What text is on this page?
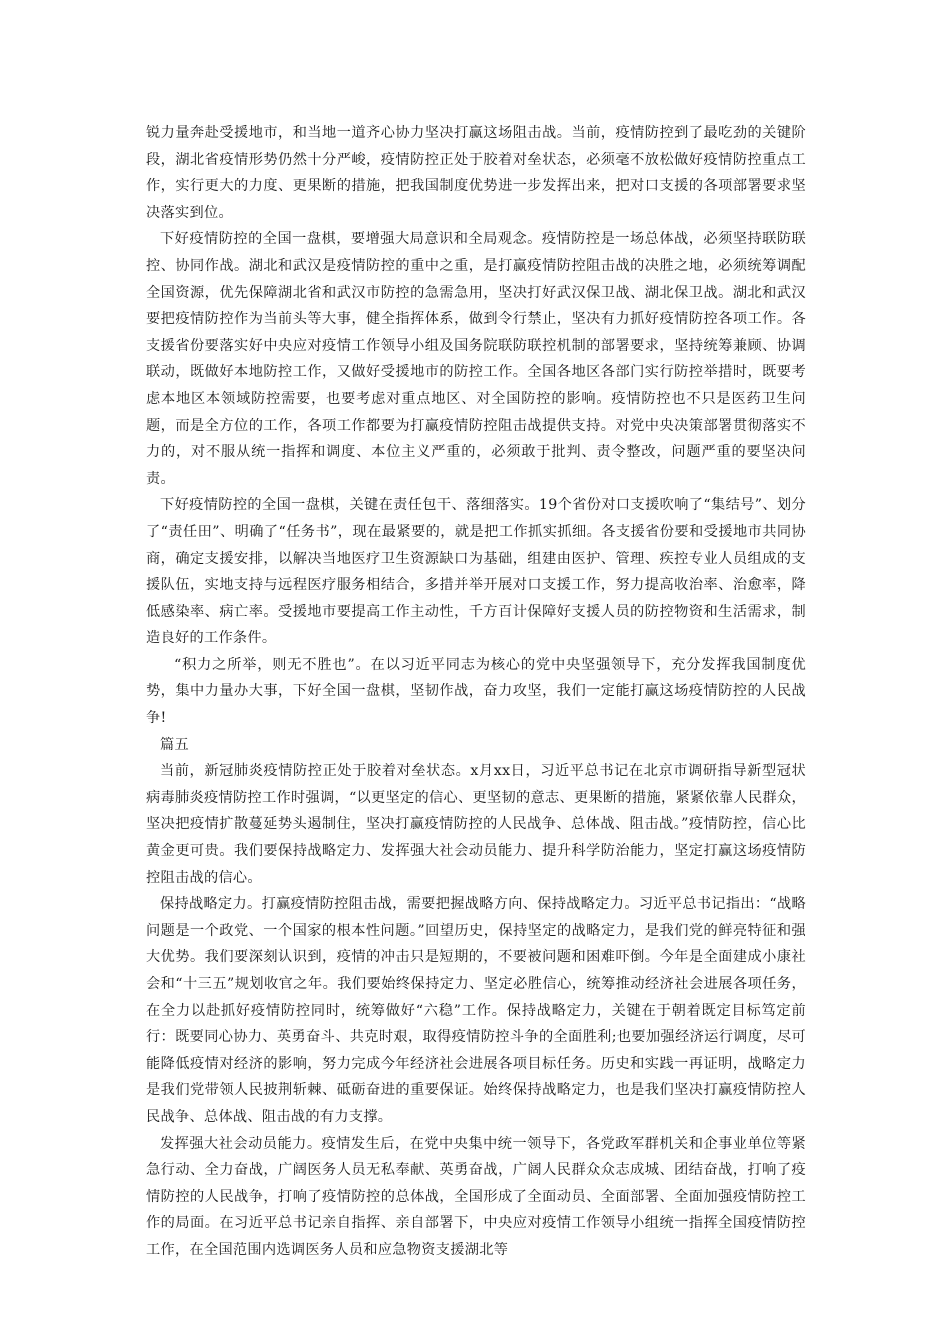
锐力量奔赴受援地市，和当地一道齐心协力坚决打赢这场阻击战。当前，疫情防控到了最吃劲的关键阶段，湖北省疫情形势仍然十分严峻，疫情防控正处于胶着对垒状态，必须毫不放松做好疫情防控重点工作，实行更大的力度、更果断的措施，把我国制度优势进一步发挥出来，把对口支援的各项部署要求坚决落实到位。

下好疫情防控的全国一盘棋，要增强大局意识和全局观念。疫情防控是一场总体战，必须坚持联防联控、协同作战。湖北和武汉是疫情防控的重中之重，是打赢疫情防控阻击战的决胜之地，必须统筹调配全国资源，优先保障湖北省和武汉市防控的急需急用，坚决打好武汉保卫战、湖北保卫战。湖北和武汉要把疫情防控作为当前头等大事，健全指挥体系，做到令行禁止，坚决有力抓好疫情防控各项工作。各支援省份要落实好中央应对疫情工作领导小组及国务院联防联控机制的部署要求，坚持统筹兼顾、协调联动，既做好本地防控工作，又做好受援地市的防控工作。全国各地区各部门实行防控举措时，既要考虑本地区本领域防控需要，也要考虑对重点地区、对全国防控的影响。疫情防控也不只是医药卫生问题，而是全方位的工作，各项工作都要为打赢疫情防控阻击战提供支持。对党中央决策部署贯彻落实不力的，对不服从统一指挥和调度、本位主义严重的，必须敢于批判、责令整改，问题严重的要坚决问责。

下好疫情防控的全国一盘棋，关键在责任包干、落细落实。19个省份对口支援吹响了“集结号”、划分了“责任田”、明确了“任务书”，现在最紧要的，就是把工作抓实抓细。各支援省份要和受援地市共同协商，确定支援安排，以解决当地医疗卫生资源缺口为基础，组建由医护、管理、疾控专业人员组成的支援队伍，实地支持与远程医疗服务相结合，多措并举开展对口支援工作，努力提高收治率、治愈率，降低感染率、病亡率。受援地市要提高工作主动性，千方百计保障好支援人员的防控物资和生活需求，制造良好的工作条件。

“积力之所举，则无不胜也”。在以习近平同志为核心的党中央坚强领导下，充分发挥我国制度优势，集中力量办大事，下好全国一盘棋，坚韧作战，奋力攻坚，我们一定能打赢这场疫情防控的人民战争!

篇五

当前，新冠肺炎疫情防控正处于胶着对垒状态。x月xx日，习近平总书记在北京市调研指导新型冠状病毒肺炎疫情防控工作时强调，“以更坚定的信心、更坚韧的意志、更果断的措施，紧紧依靠人民群众，坚决把疫情扩散蔓延势头遏制住，坚决打赢疫情防控的人民战争、总体战、阻击战。”疫情防控，信心比黄金更可贵。我们要保持战略定力、发挥强大社会动员能力、提升科学防治能力，坚定打赢这场疫情防控阻击战的信心。

保持战略定力。打赢疫情防控阻击战，需要把握战略方向、保持战略定力。习近平总书记指出：“战略问题是一个政党、一个国家的根本性问题。”回望历史，保持坚定的战略定力，是我们党的鲜亮特征和强大优势。我们要深刻认识到，疫情的冲击只是短期的，不要被问题和困难吓倒。今年是全面建成小康社会和“十三五”规划收官之年。我们要始终保持定力、坚定必胜信心，统筹推动经济社会进展各项任务，在全力以赴抓好疫情防控同时，统筹做好“六稳”工作。保持战略定力，关键在于朝着既定目标笃定前行：既要同心协力、英勇奋斗、共克时艰，取得疫情防控斗争的全面胜利;也要加强经济运行调度，尽可能降低疫情对经济的影响，努力完成今年经济社会进展各项目标任务。历史和实践一再证明，战略定力是我们党带领人民披荆斩棘、砥砺奋进的重要保证。始终保持战略定力，也是我们坚决打赢疫情防控人民战争、总体战、阻击战的有力支撑。

发挥强大社会动员能力。疫情发生后，在党中央集中统一领导下，各党政军群机关和企事业单位等紧急行动、全力奋战，广阔医务人员无私奉献、英勇奋战，广阔人民群众众志成城、团结奋战，打响了疫情防控的人民战争，打响了疫情防控的总体战，全国形成了全面动员、全面部署、全面加强疫情防控工作的局面。在习近平总书记亲自指挥、亲自部署下，中央应对疫情工作领导小组统一指挥全国疫情防控工作，在全国范围内选调医务人员和应急物资支援湖北等
